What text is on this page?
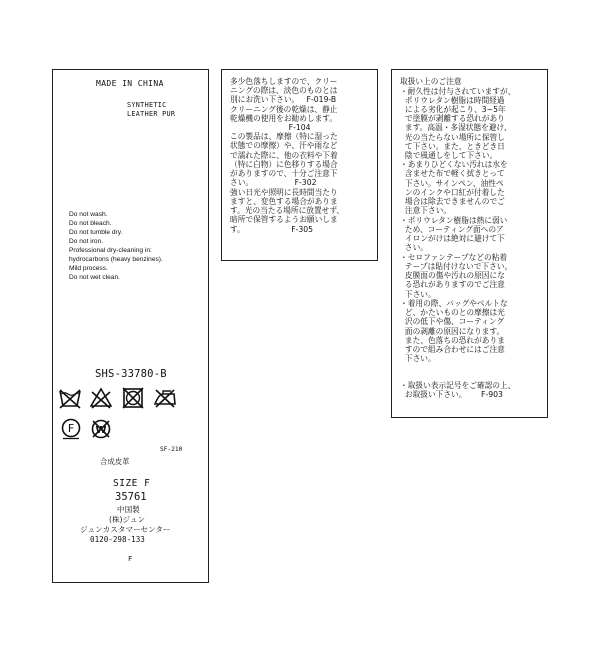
MADE IN CHINA
SYNTHETIC
LEATHER PUR
Do not wash.
Do not bleach.
Do not tumble dry.
Do not iron.
Professional dry-cleaning in:
hydrocarbons (heavy benzines).
Mild process.
Do not wet clean.
SHS-33780-B
F W
SF-210
合成皮革
SIZE F
35761
中国製
(株)ジュン
ジュンカスタマーセンター
0120-298-133
F
多少色落ちしますので、クリー
ニングの際は、淡色のものとは
別にお洗い下さい。   F-019-B
クリーニング後の乾燥は、静止
乾燥機の使用をお勧めします。
F-104
この製品は、摩擦（特に湿った
状態での摩擦）や、汗や雨など
で濡れた際に、他の衣料や下着
（特に白物）に色移りする場合
がありますので、十分ご注意下
さい。                 F-302
強い日光や照明に長時間当たり
ますと、変色する場合がありま
す。光の当たる場所に放置せず、
暗所で保管するようお願いしま
す。                   F-305
取扱い上のご注意
・耐久性は付与されていますが、
ポリウレタン樹脂は時間経過
による劣化が起こり、3~5年
で塗膜が剥離する恐れがあり
ます。高温・多湿状態を避け、
光の当たらない場所に保管し
て下さい。また、ときどき日
陰で風通しをして下さい。
・あまりひどくない汚れは水を
含ませた布で軽く拭きとって
下さい。サインペン、油性ペ
ンのインクや口紅が付着した
場合は除去できませんのでご
注意下さい。
・ポリウレタン樹脂は熱に弱い
ため、コーティング面へのア
イロンがけは絶対に避けて下
さい。
・セロファンテープなどの粘着
テープは貼付けないで下さい。
皮膜面の傷や汚れの原因にな
る恐れがありますのでご注意
下さい。
・着用の際、バッグやベルトな
ど、かたいものとの摩擦は光
沢の低下や傷、コーティング
面の剥離の原因になります。
また、色落ちの恐れがありま
すので組み合わせにはご注意
下さい。
・取扱い表示記号をご確認の上、
お取扱い下さい。      F-903
